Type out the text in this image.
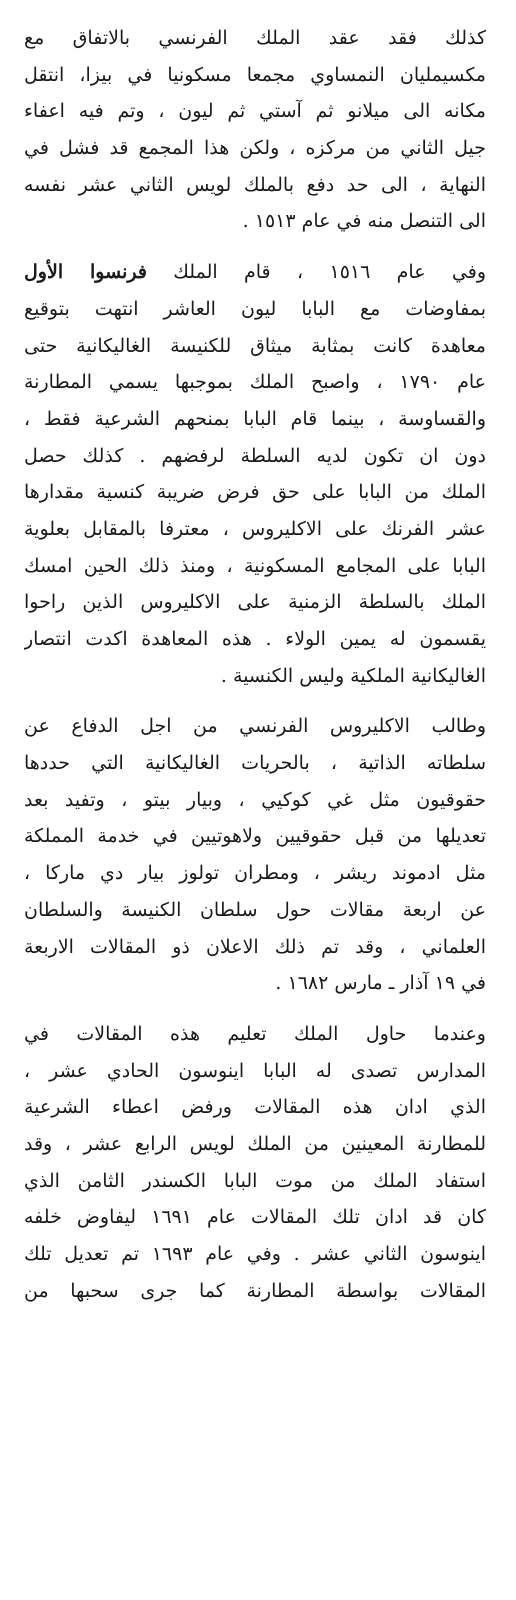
كذلك فقد عقد الملك الفرنسي بالاتفاق مع
مكسيمليان النمساوي مجمعا مسكونيا في بيزا، انتقل
مكانه الى ميلانو ثم آستي ثم ليون ، وتم فيه اعفاء
جيل الثاني من مركزه ، ولكن هذا المجمع قد فشل في
النهاية ، الى حد دفع بالملك لويس الثاني عشر نفسه
الى التنصل منه في عام ١٥١٣ .
وفي عام ١٥١٦ ، قام الملك فرنسوا الأول
بمفاوضات مع البابا ليون العاشر انتهت بتوقيع
معاهدة كانت بمثابة ميثاق للكنيسة الغاليكانية حتى
عام ١٧٩٠ ، واصبح الملك بموجبها يسمي المطارنة
والقساوسة ، بينما قام البابا بمنحهم الشرعية فقط ،
دون ان تكون لديه السلطة لرفضهم . كذلك حصل
الملك من البابا على حق فرض ضريبة كنسية مقدارها
عشر الفرنك على الاكليروس ، معترفا بالمقابل بعلوية
البابا على المجامع المسكونية ، ومنذ ذلك الحين امسك
الملك بالسلطة الزمنية على الاكليروس الذين راحوا
يقسمون له يمين الولاء . هذه المعاهدة اكدت انتصار
الغاليكانية الملكية وليس الكنسية .
وطالب الاكليروس الفرنسي من اجل الدفاع عن
سلطاته الذاتية ، بالحريات الغاليكانية التي حددها
حقوقيون مثل غي كوكيي ، وبيار بيتو ، وتفيد بعد
تعديلها من قبل حقوقيين ولاهوتيين في خدمة المملكة
مثل ادموند ريشر ، ومطران تولوز بيار دي ماركا ،
عن اربعة مقالات حول سلطان الكنيسة والسلطان
العلماني ، وقد تم ذلك الاعلان ذو المقالات الاربعة
في ١٩ آذار ـ مارس ١٦٨٢ .
وعندما حاول الملك تعليم هذه المقالات في
المدارس تصدى له البابا اينوسون الحادي عشر ،
الذي ادان هذه المقالات ورفض اعطاء الشرعية
للمطارنة المعينين من الملك لويس الرابع عشر ، وقد
استفاد الملك من موت البابا الكسندر الثامن الذي
كان قد ادان تلك المقالات عام ١٦٩١ ليفاوض خلفه
اينوسون الثاني عشر . وفي عام ١٦٩٣ تم تعديل تلك
المقالات بواسطة المطارنة كما جرى سحبها من
